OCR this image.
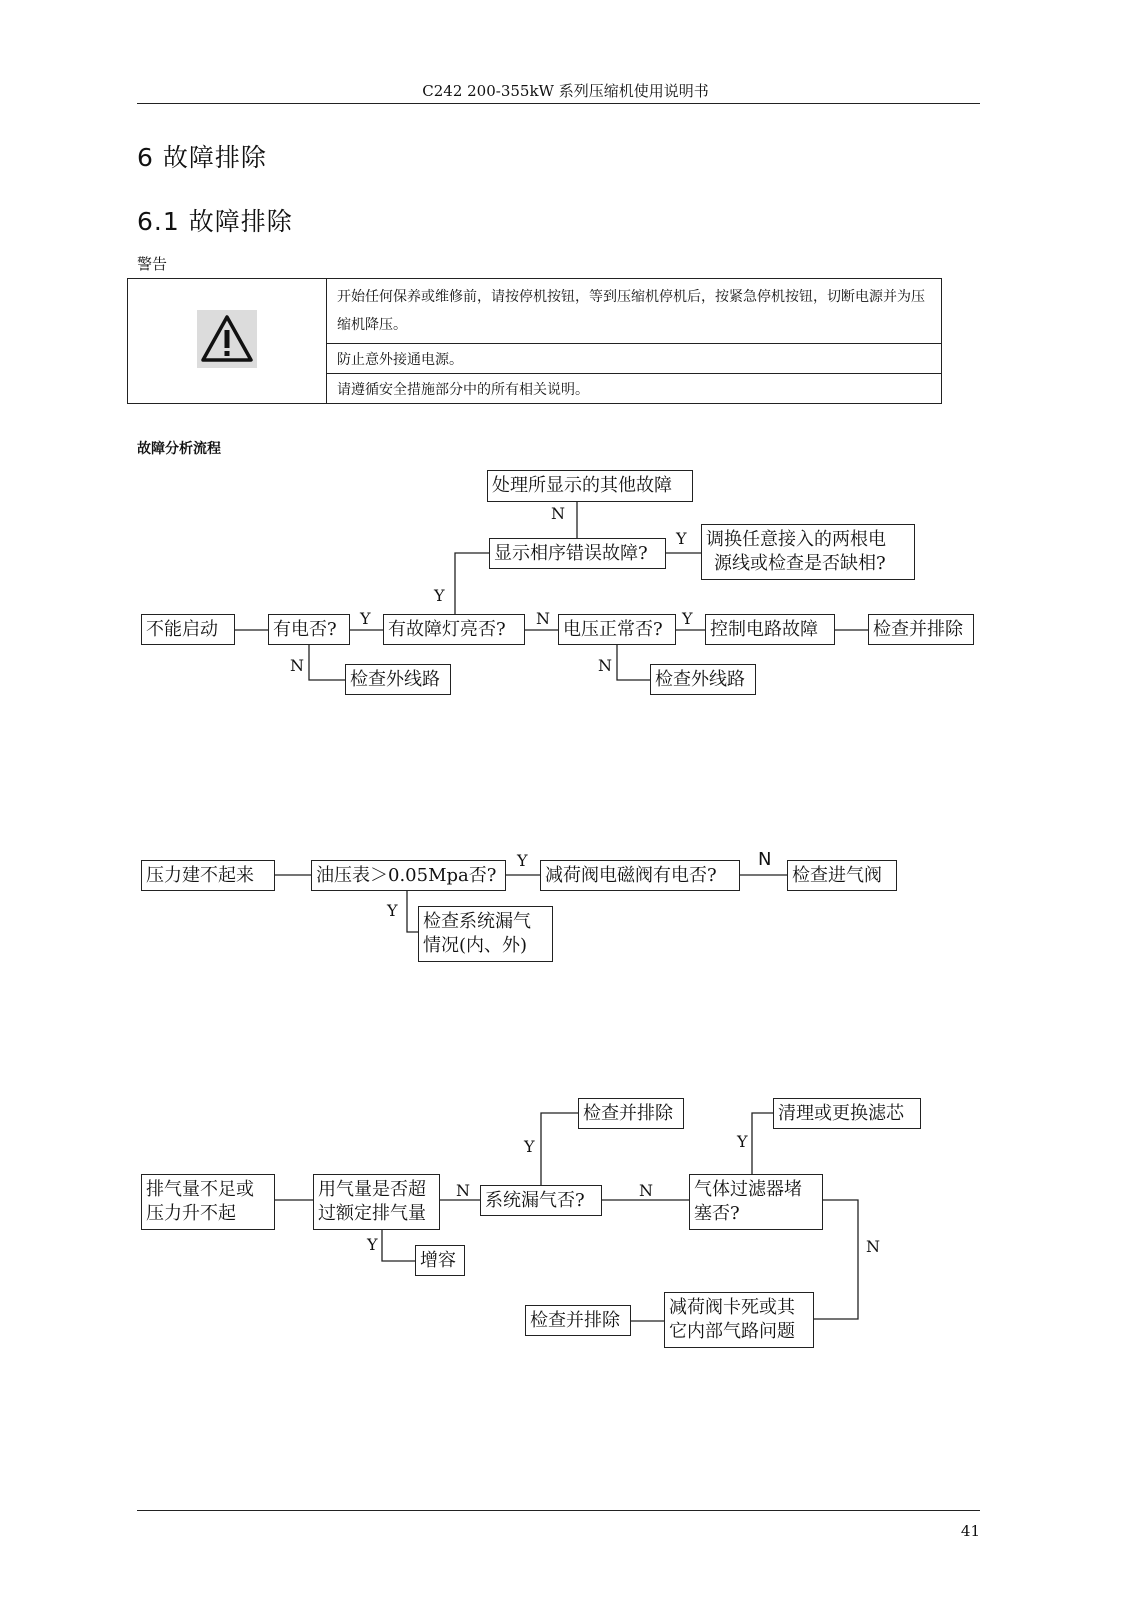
C242 200-355kW 系列压缩机使用说明书
6 故障排除
6.1 故障排除
警告
	开始任何保养或维修前，请按停机按钮，等到压缩机停机后，按紧急停机按钮，切断电源并为压缩机降压。
防止意外接通电源。
请遵循安全措施部分中的所有相关说明。
故障分析流程
处理所显示的其他故障
显示相序错误故障?
调换任意接入的两根电
源线或检查是否缺相?
不能启动	有电否?	有故障灯亮否?	电压正常否?	控制电路故障	检查并排除
检查外线路	检查外线路
N
Y
Y
Y	N	Y
N	N
压力建不起来	油压表＞0.05Mpa否?	减荷阀电磁阀有电否?	检查进气阀
检查系统漏气
情况(内、外)
Y	N
Y
排气量不足或
压力升不起
用气量是否超
过额定排气量
系统漏气否?	气体过滤器堵
塞否?
检查并排除	清理或更换滤芯
增容
减荷阀卡死或其
它内部气路问题
检查并排除
N	N
Y	Y
Y	N
41
